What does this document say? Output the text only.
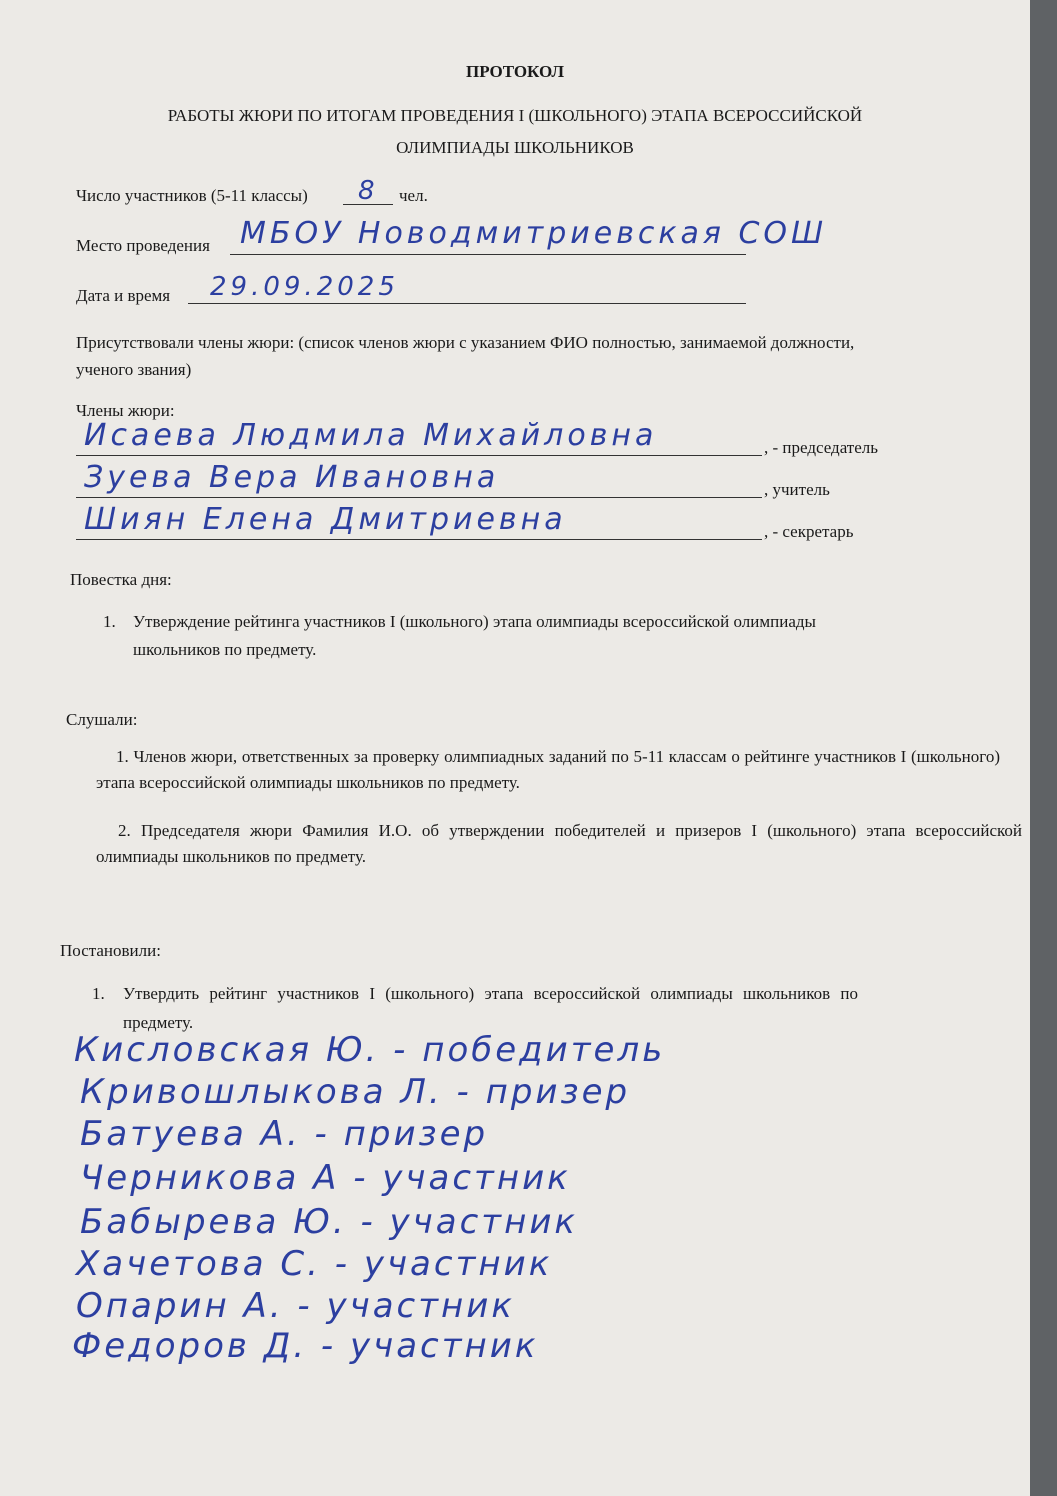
ПРОТОКОЛ
РАБОТЫ ЖЮРИ ПО ИТОГАМ ПРОВЕДЕНИЯ I (ШКОЛЬНОГО) ЭТАПА ВСЕРОССИЙСКОЙ
ОЛИМПИАДЫ ШКОЛЬНИКОВ
Число участников (5-11 классы) 8 чел.
Место проведения МБОУ Новодмитриевская СОШ
Дата и время 29.09.2025
Присутствовали члены жюри: (список членов жюри с указанием ФИО полностью, занимаемой должности,
ученого звания)
Члены жюри:
Исаева Людмила Михайловна	, - председатель
Зуева Вера Ивановна	, учитель
Шиян Елена Дмитриевна	, - секретарь
Повестка дня:
1. Утверждение рейтинга участников I (школьного) этапа олимпиады всероссийской олимпиады
школьников по предмету.
Слушали:
1. Членов жюри, ответственных за проверку олимпиадных заданий по 5-11 классам о рейтинге участников I (школьного) этапа всероссийской олимпиады школьников по предмету.
2. Председателя жюри Фамилия И.О. об утверждении победителей и призеров I (школьного) этапа всероссийской олимпиады школьников по предмету.
Постановили:
1. Утвердить рейтинг участников I (школьного) этапа всероссийской олимпиады школьников по
предмету.
Кисловская Ю. - победитель
Кривошлыкова Л. - призер
Батуева А. - призер
Черникова А - участник
Бабырева Ю. - участник
Хачетова С. - участник
Опарин А. - участник
Федоров Д. - участник
